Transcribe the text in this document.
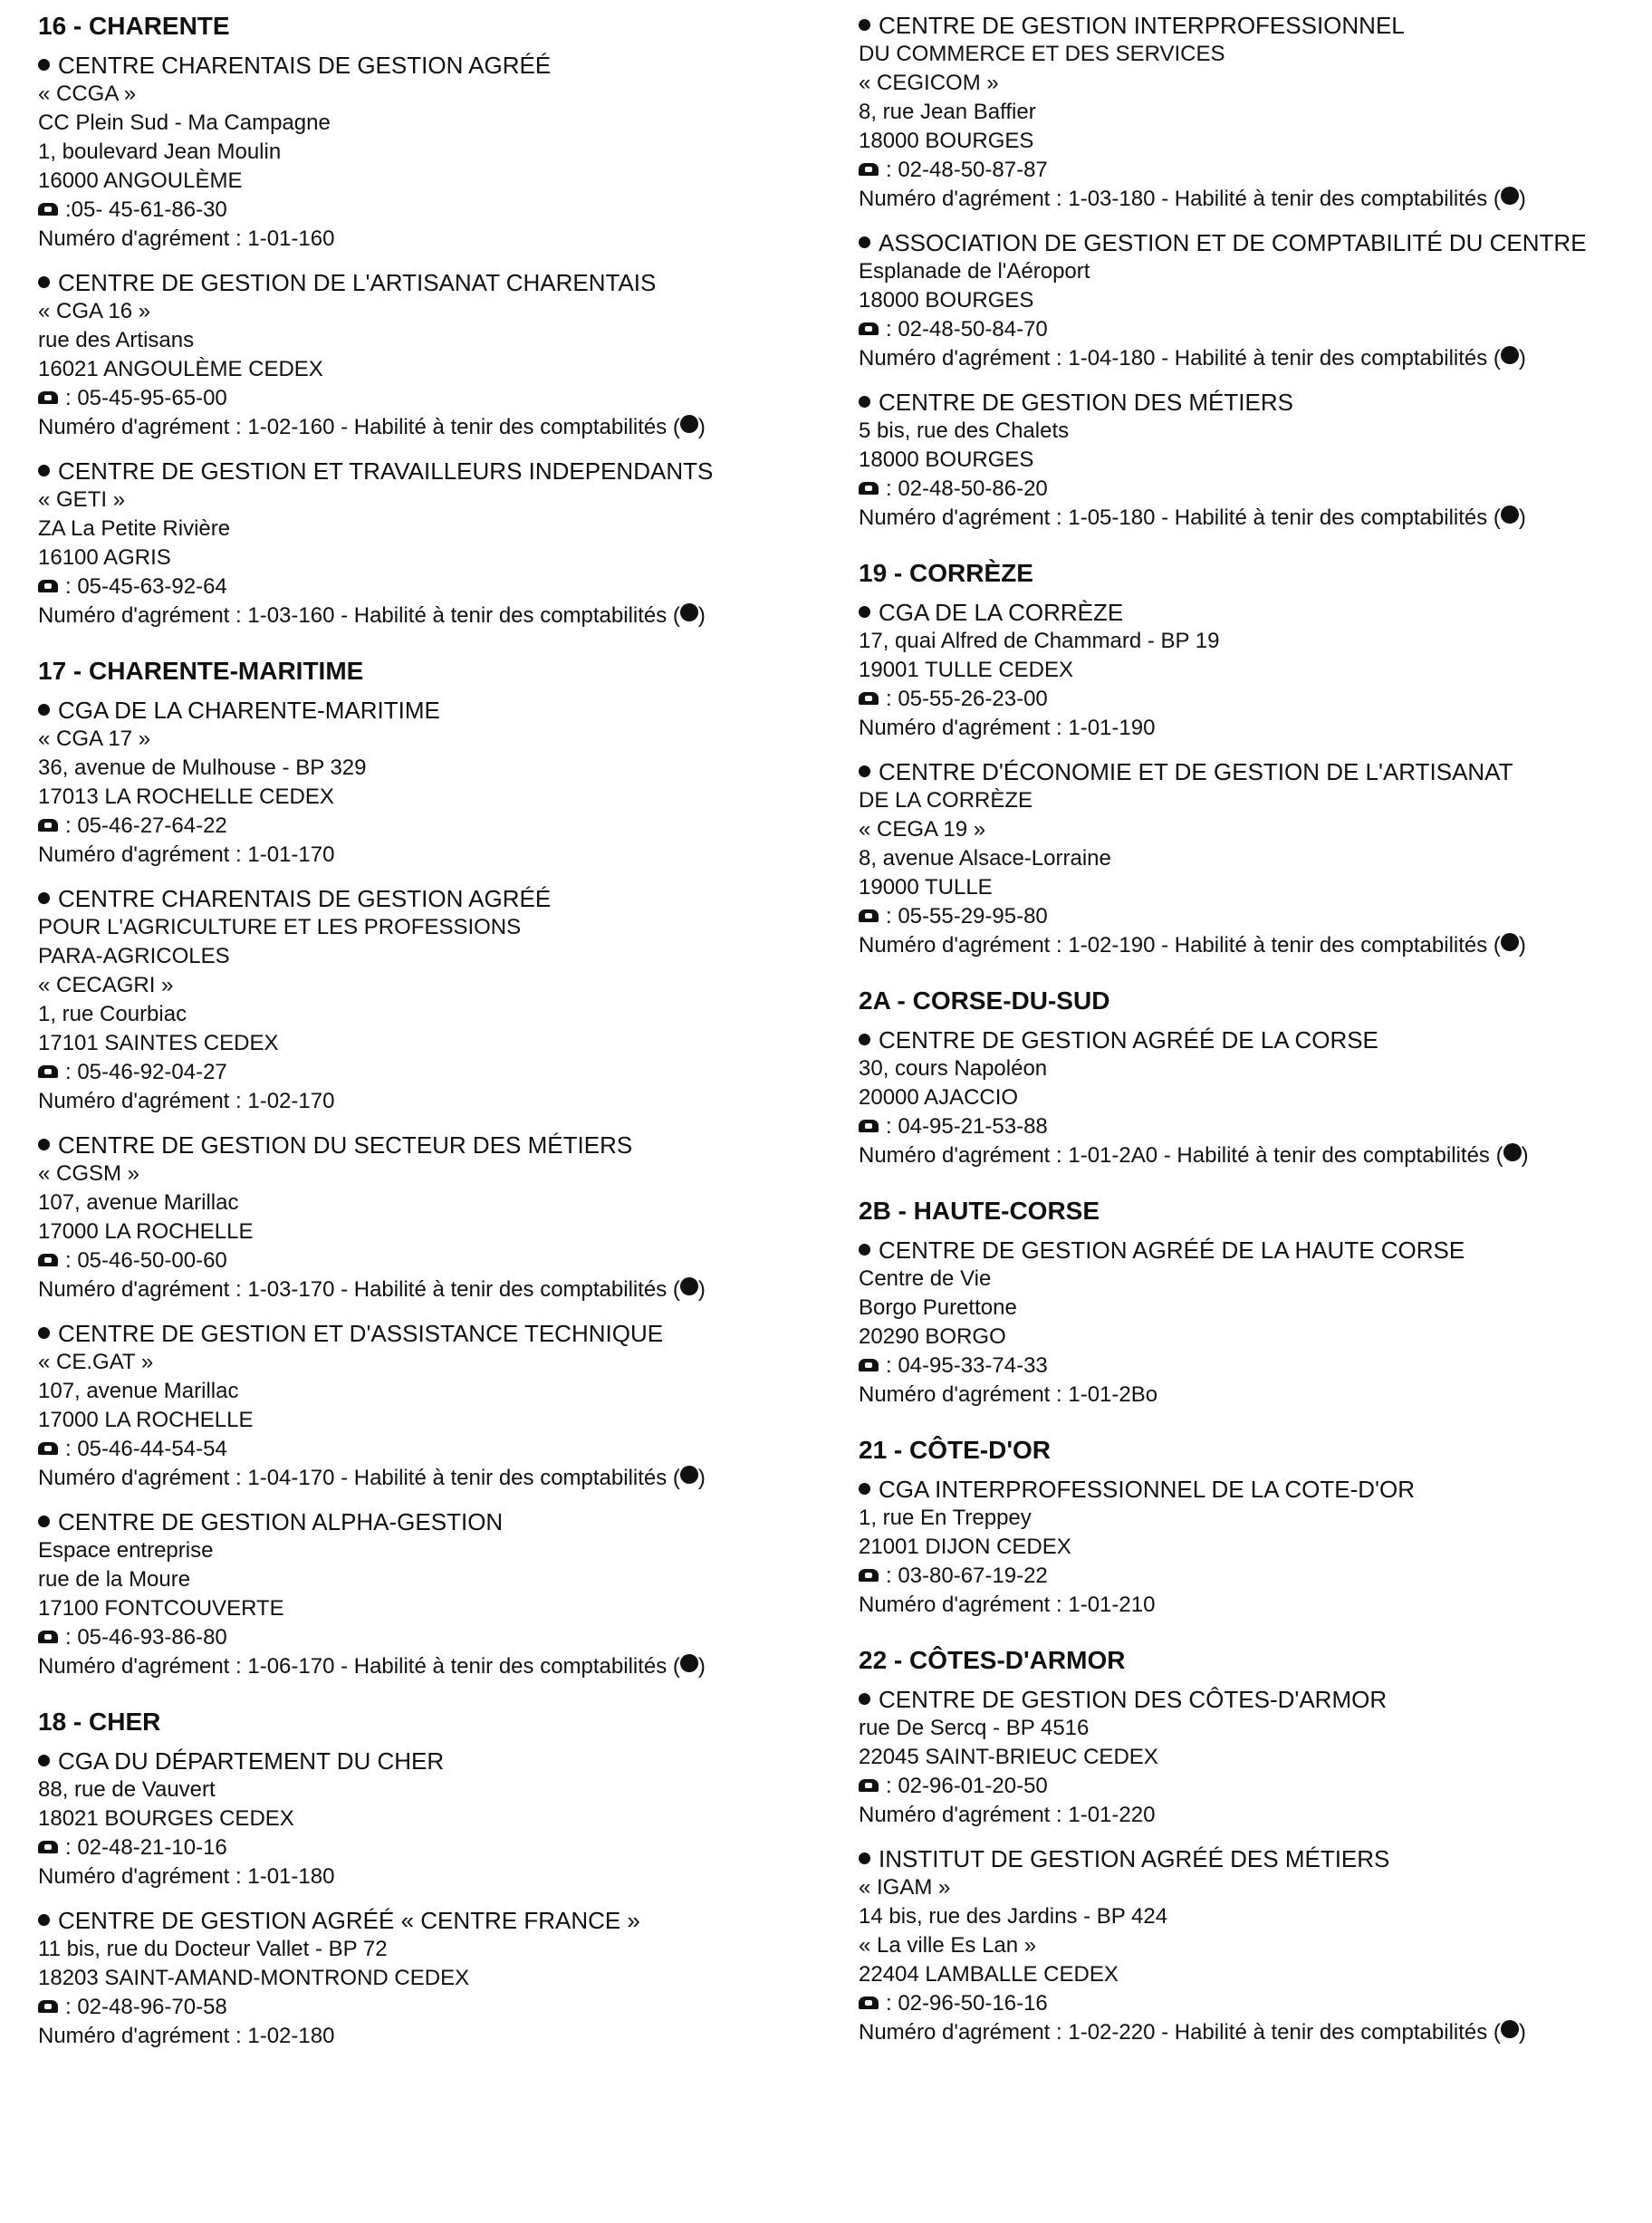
16 - CHARENTE
CENTRE CHARENTAIS DE GESTION AGRÉÉ
« CCGA »
CC Plein Sud - Ma Campagne
1, boulevard Jean Moulin
16000 ANGOULÈME
:05- 45-61-86-30
Numéro d'agrément : 1-01-160
CENTRE DE GESTION DE L'ARTISANAT CHARENTAIS
« CGA 16 »
rue des Artisans
16021 ANGOULÈME CEDEX
: 05-45-95-65-00
Numéro d'agrément : 1-02-160 - Habilité à tenir des comptabilités ( )
CENTRE DE GESTION ET TRAVAILLEURS INDEPENDANTS
« GETI »
ZA La Petite Rivière
16100 AGRIS
: 05-45-63-92-64
Numéro d'agrément : 1-03-160 - Habilité à tenir des comptabilités ( )
17 - CHARENTE-MARITIME
CGA DE LA CHARENTE-MARITIME
« CGA 17 »
36, avenue de Mulhouse - BP 329
17013 LA ROCHELLE CEDEX
: 05-46-27-64-22
Numéro d'agrément : 1-01-170
CENTRE CHARENTAIS DE GESTION AGRÉÉ
POUR L'AGRICULTURE ET LES PROFESSIONS
PARA-AGRICOLES
« CECAGRI »
1, rue Courbiac
17101 SAINTES CEDEX
: 05-46-92-04-27
Numéro d'agrément : 1-02-170
CENTRE DE GESTION DU SECTEUR DES MÉTIERS
« CGSM »
107, avenue Marillac
17000 LA ROCHELLE
: 05-46-50-00-60
Numéro d'agrément : 1-03-170 - Habilité à tenir des comptabilités ( )
CENTRE DE GESTION ET D'ASSISTANCE TECHNIQUE
« CE.GAT »
107, avenue Marillac
17000 LA ROCHELLE
: 05-46-44-54-54
Numéro d'agrément : 1-04-170 - Habilité à tenir des comptabilités ( )
CENTRE DE GESTION ALPHA-GESTION
Espace entreprise
rue de la Moure
17100 FONTCOUVERTE
: 05-46-93-86-80
Numéro d'agrément : 1-06-170 - Habilité à tenir des comptabilités ( )
18 - CHER
CGA DU DÉPARTEMENT DU CHER
88, rue de Vauvert
18021 BOURGES CEDEX
: 02-48-21-10-16
Numéro d'agrément : 1-01-180
CENTRE DE GESTION AGRÉÉ « CENTRE FRANCE »
11 bis, rue du Docteur Vallet - BP 72
18203 SAINT-AMAND-MONTROND CEDEX
: 02-48-96-70-58
Numéro d'agrément : 1-02-180
CENTRE DE GESTION INTERPROFESSIONNEL
DU COMMERCE ET DES SERVICES
« CEGICOM »
8, rue Jean Baffier
18000 BOURGES
: 02-48-50-87-87
Numéro d'agrément : 1-03-180 - Habilité à tenir des comptabilités ( )
ASSOCIATION DE GESTION ET DE COMPTABILITÉ DU CENTRE
Esplanade de l'Aéroport
18000 BOURGES
: 02-48-50-84-70
Numéro d'agrément : 1-04-180 - Habilité à tenir des comptabilités ( )
CENTRE DE GESTION DES MÉTIERS
5 bis, rue des Chalets
18000 BOURGES
: 02-48-50-86-20
Numéro d'agrément : 1-05-180 - Habilité à tenir des comptabilités ( )
19 - CORRÈZE
CGA DE LA CORRÈZE
17, quai Alfred de Chammard - BP 19
19001 TULLE CEDEX
: 05-55-26-23-00
Numéro d'agrément : 1-01-190
CENTRE D'ÉCONOMIE ET DE GESTION DE L'ARTISANAT
DE LA CORRÈZE
« CEGA 19 »
8, avenue Alsace-Lorraine
19000 TULLE
: 05-55-29-95-80
Numéro d'agrément : 1-02-190 - Habilité à tenir des comptabilités ( )
2A - CORSE-DU-SUD
CENTRE DE GESTION AGRÉÉ DE LA CORSE
30, cours Napoléon
20000 AJACCIO
: 04-95-21-53-88
Numéro d'agrément : 1-01-2A0 - Habilité à tenir des comptabilités ( )
2B - HAUTE-CORSE
CENTRE DE GESTION AGRÉÉ DE LA HAUTE CORSE
Centre de Vie
Borgo Purettone
20290 BORGO
: 04-95-33-74-33
Numéro d'agrément : 1-01-2Bo
21 - CÔTE-D'OR
CGA INTERPROFESSIONNEL DE LA COTE-D'OR
1, rue En Treppey
21001 DIJON CEDEX
: 03-80-67-19-22
Numéro d'agrément : 1-01-210
22 - CÔTES-D'ARMOR
CENTRE DE GESTION DES CÔTES-D'ARMOR
rue De Sercq - BP 4516
22045 SAINT-BRIEUC CEDEX
: 02-96-01-20-50
Numéro d'agrément : 1-01-220
INSTITUT DE GESTION AGRÉÉ DES MÉTIERS
« IGAM »
14 bis, rue des Jardins - BP 424
« La ville Es Lan »
22404 LAMBALLE CEDEX
: 02-96-50-16-16
Numéro d'agrément : 1-02-220 - Habilité à tenir des comptabilités ( )
